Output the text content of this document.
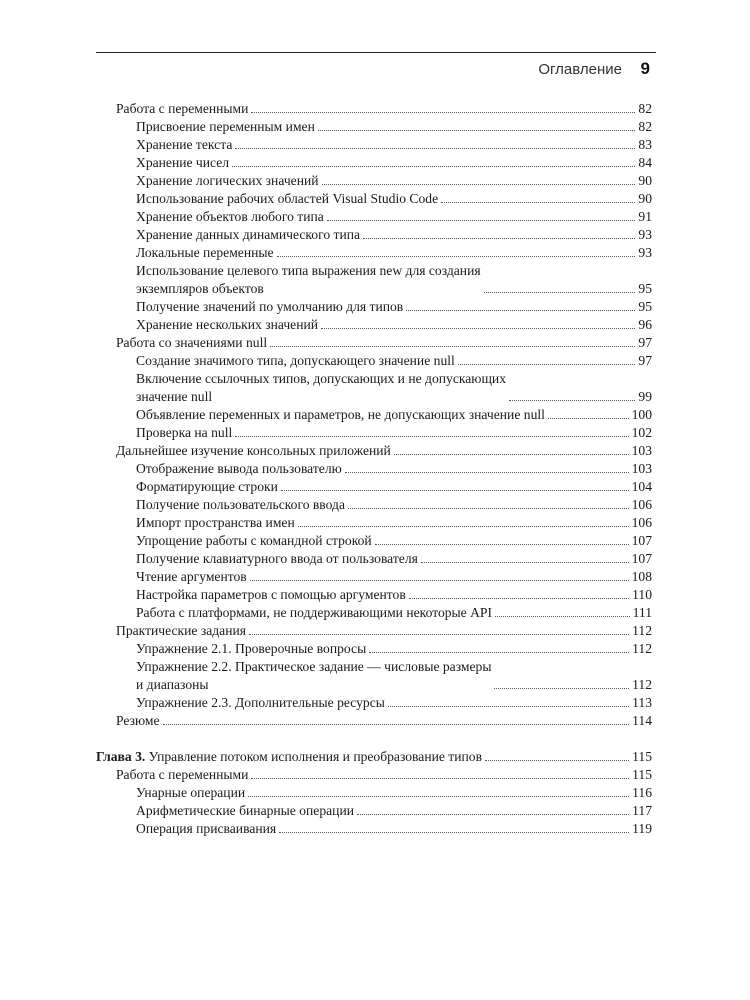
Оглавление 9
Работа с переменными	82
Присвоение переменным имен	82
Хранение текста	83
Хранение чисел	84
Хранение логических значений	90
Использование рабочих областей Visual Studio Code	90
Хранение объектов любого типа	91
Хранение данных динамического типа	93
Локальные переменные	93
Использование целевого типа выражения new для создания
экземпляров объектов	95
Получение значений по умолчанию для типов	95
Хранение нескольких значений	96
Работа со значениями null	97
Создание значимого типа, допускающего значение null	97
Включение ссылочных типов, допускающих и не допускающих
значение null	99
Объявление переменных и параметров, не допускающих значение null	100
Проверка на null	102
Дальнейшее изучение консольных приложений	103
Отображение вывода пользователю	103
Форматирующие строки	104
Получение пользовательского ввода	106
Импорт пространства имен	106
Упрощение работы с командной строкой	107
Получение клавиатурного ввода от пользователя	107
Чтение аргументов	108
Настройка параметров с помощью аргументов	110
Работа с платформами, не поддерживающими некоторые API	111
Практические задания	112
Упражнение 2.1. Проверочные вопросы	112
Упражнение 2.2. Практическое задание — числовые размеры
и диапазоны	112
Упражнение 2.3. Дополнительные ресурсы	113
Резюме	114
Глава 3. Управление потоком исполнения и преобразование типов	115
Работа с переменными	115
Унарные операции	116
Арифметические бинарные операции	117
Операция присваивания	119
